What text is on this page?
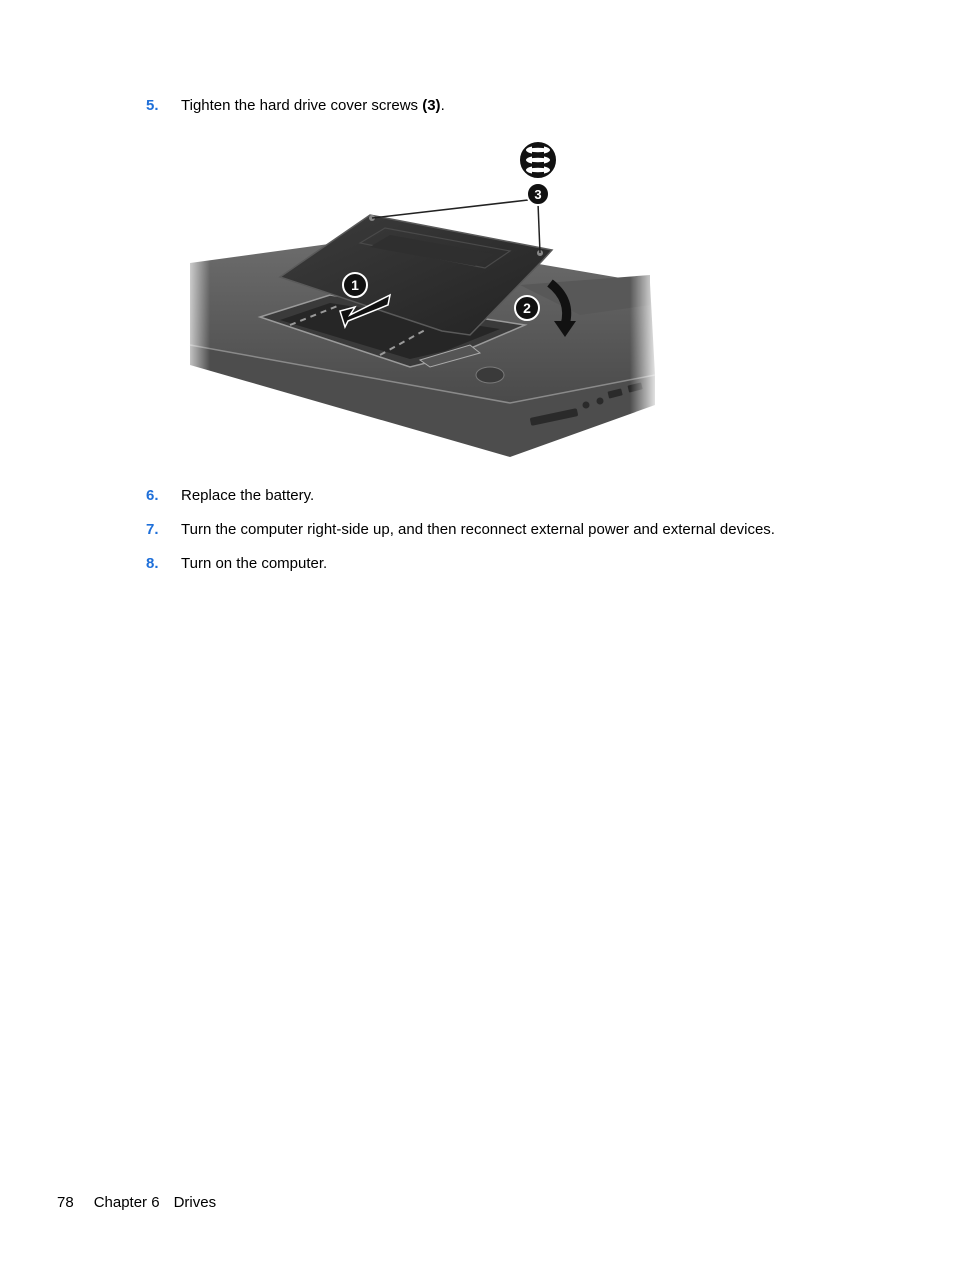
5. Tighten the hard drive cover screws (3).
1
2
3
6. Replace the battery.
7. Turn the computer right-side up, and then reconnect external power and external devices.
8. Turn on the computer.
78 Chapter 6 Drives
